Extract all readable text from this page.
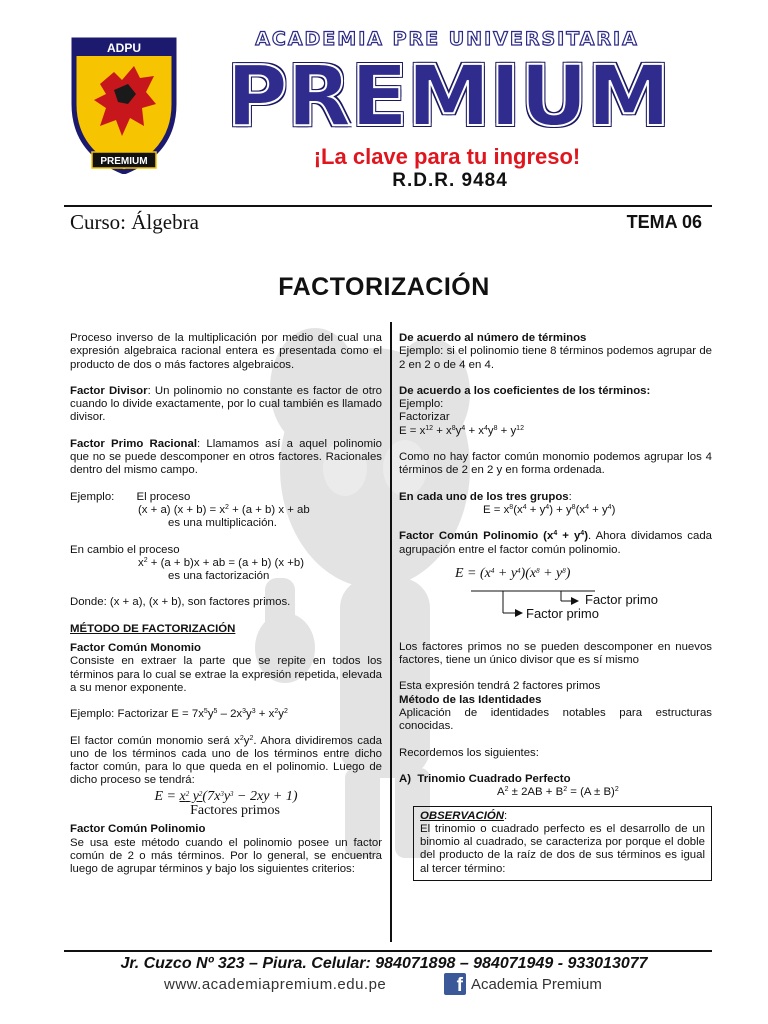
ADPU
PREMIUM
ACADEMIA PRE UNIVERSITARIA
PREMIUM
¡La clave para tu ingreso!
R.D.R. 9484
Curso: Álgebra	TEMA 06
FACTORIZACIÓN
Proceso inverso de la multiplicación por medio del cual una expresión algebraica racional entera es presentada como el producto de dos o más factores algebraicos.
Factor Divisor: Un polinomio no constante es factor de otro cuando lo divide exactamente, por lo cual también es llamado divisor.
Factor Primo Racional: Llamamos así a aquel polinomio que no se puede descomponer en otros factores. Racionales dentro del mismo campo.
Ejemplo: El proceso
(x + a) $(x + b) = x^2 + (a + b) x$ + ab
es una multiplicación.
En cambio el proceso
$x^2 + (a + b)x$ + ab = (a + b) (x +b)
es una factorización
Donde: (x + a), (x + b), son factores primos.
MÉTODO DE FACTORIZACIÓN
Factor Común Monomio
Consiste en extraer la parte que se repite en todos los términos para lo cual se extrae la expresión repetida, elevada a su menor exponente.
Ejemplo: Factorizar $E = 7x^5y^5 - 2x^3y^3 + x^2y^2$
El factor común monomio será $x^2y^2$. Ahora dividiremos cada uno de los términos cada uno de los términos entre dicho factor común, para lo que queda en el polinomio. Luego de dicho proceso se tendrá:
$E = x^2$ $y^2(7x^3y^3 - 2xy + 1)$
Factores primos
Factor Común Polinomio
Se usa este método cuando el polinomio posee un factor común de 2 o más términos. Por lo general, se encuentra luego de agrupar términos y bajo los siguientes criterios:
De acuerdo al número de términos
Ejemplo: si el polinomio tiene 8 términos podemos agrupar de 2 en 2 o de 4 en 4.
De acuerdo a los coeficientes de los términos:
Ejemplo:
Factorizar
$E = x^{12} + x^8y^4 + x^4y^8 + y^{12}$
Como no hay factor común monomio podemos agrupar los 4 términos de 2 en 2 y en forma ordenada.
En cada uno de los tres grupos:
$E = x^8(x^4 + y^4) + y^8(x^4 + y^4)$
Factor Común Polinomio $(x^4 + y^4)$. Ahora dividamos cada agrupación entre el factor común polinomio.
$E = (x^4 + y^4)(x^8 + y^8)$
Factor primo
Factor primo
Los factores primos no se pueden descomponer en nuevos factores, tiene un único divisor que es sí mismo
Esta expresión tendrá 2 factores primos
Método de las Identidades
Aplicación de identidades notables para estructuras conocidas.
Recordemos los siguientes:
A) Trinomio Cuadrado Perfecto
$A^2 \pm 2AB + B^2 = (A \pm B)^2$
OBSERVACIÓN:
El trinomio o cuadrado perfecto es el desarrollo de un binomio al cuadrado, se caracteriza por porque el doble del producto de la raíz de dos de sus términos es igual al tercer término:
Jr. Cuzco Nº 323 – Piura. Celular: 984071898 – 984071949 - 933013077
www.academiapremium.edu.pe	f Academia Premium
